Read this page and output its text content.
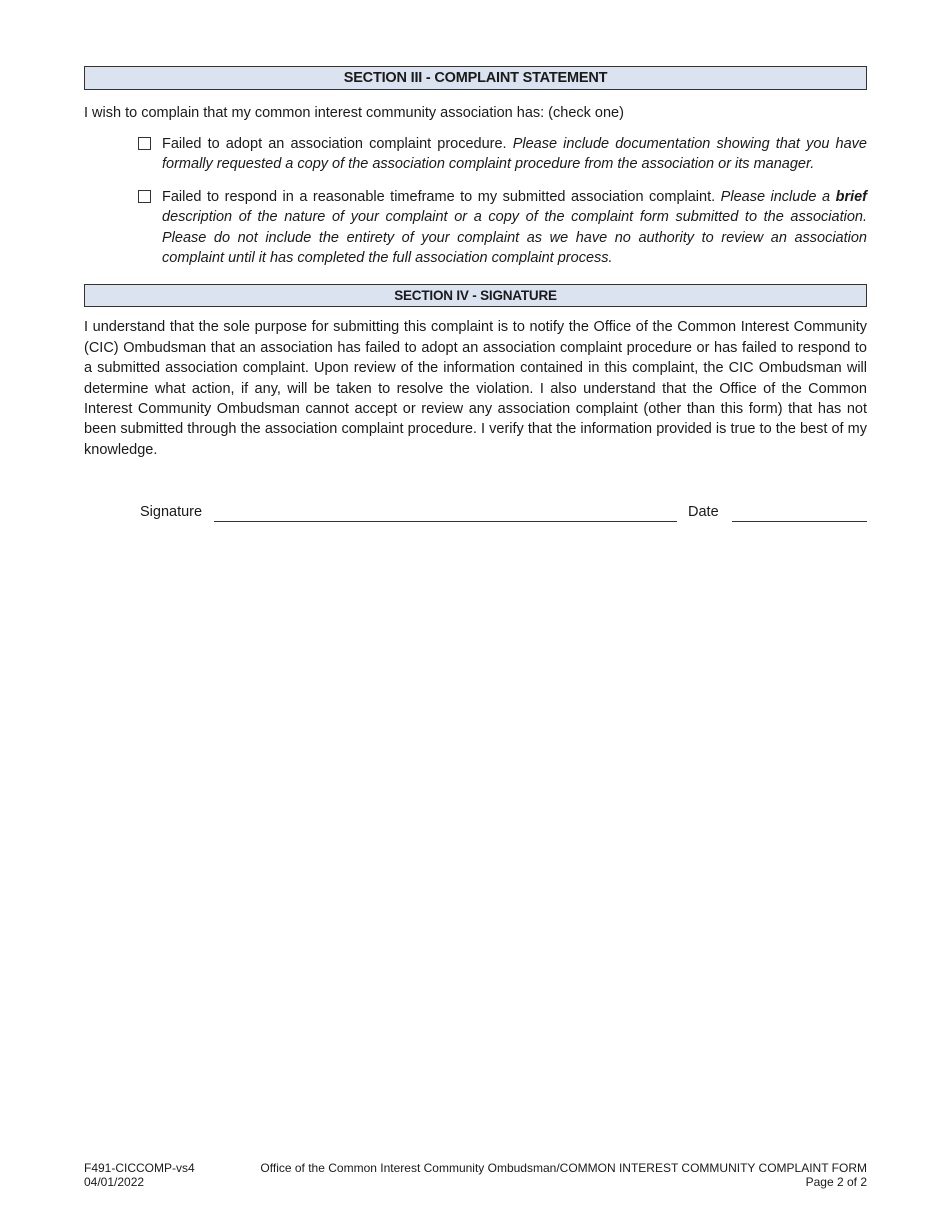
SECTION III - COMPLAINT STATEMENT
I wish to complain that my common interest community association has: (check one)
Failed to adopt an association complaint procedure. Please include documentation showing that you have formally requested a copy of the association complaint procedure from the association or its manager.
Failed to respond in a reasonable timeframe to my submitted association complaint. Please include a brief description of the nature of your complaint or a copy of the complaint form submitted to the association. Please do not include the entirety of your complaint as we have no authority to review an association complaint until it has completed the full association complaint process.
SECTION IV - SIGNATURE
I understand that the sole purpose for submitting this complaint is to notify the Office of the Common Interest Community (CIC) Ombudsman that an association has failed to adopt an association complaint procedure or has failed to respond to a submitted association complaint. Upon review of the information contained in this complaint, the CIC Ombudsman will determine what action, if any, will be taken to resolve the violation. I also understand that the Office of the Common Interest Community Ombudsman cannot accept or review any association complaint (other than this form) that has not been submitted through the association complaint procedure. I verify that the information provided is true to the best of my knowledge.
Signature	Date
F491-CICCOMP-vs4
04/01/2022
Office of the Common Interest Community Ombudsman/COMMON INTEREST COMMUNITY COMPLAINT FORM
Page 2 of 2
